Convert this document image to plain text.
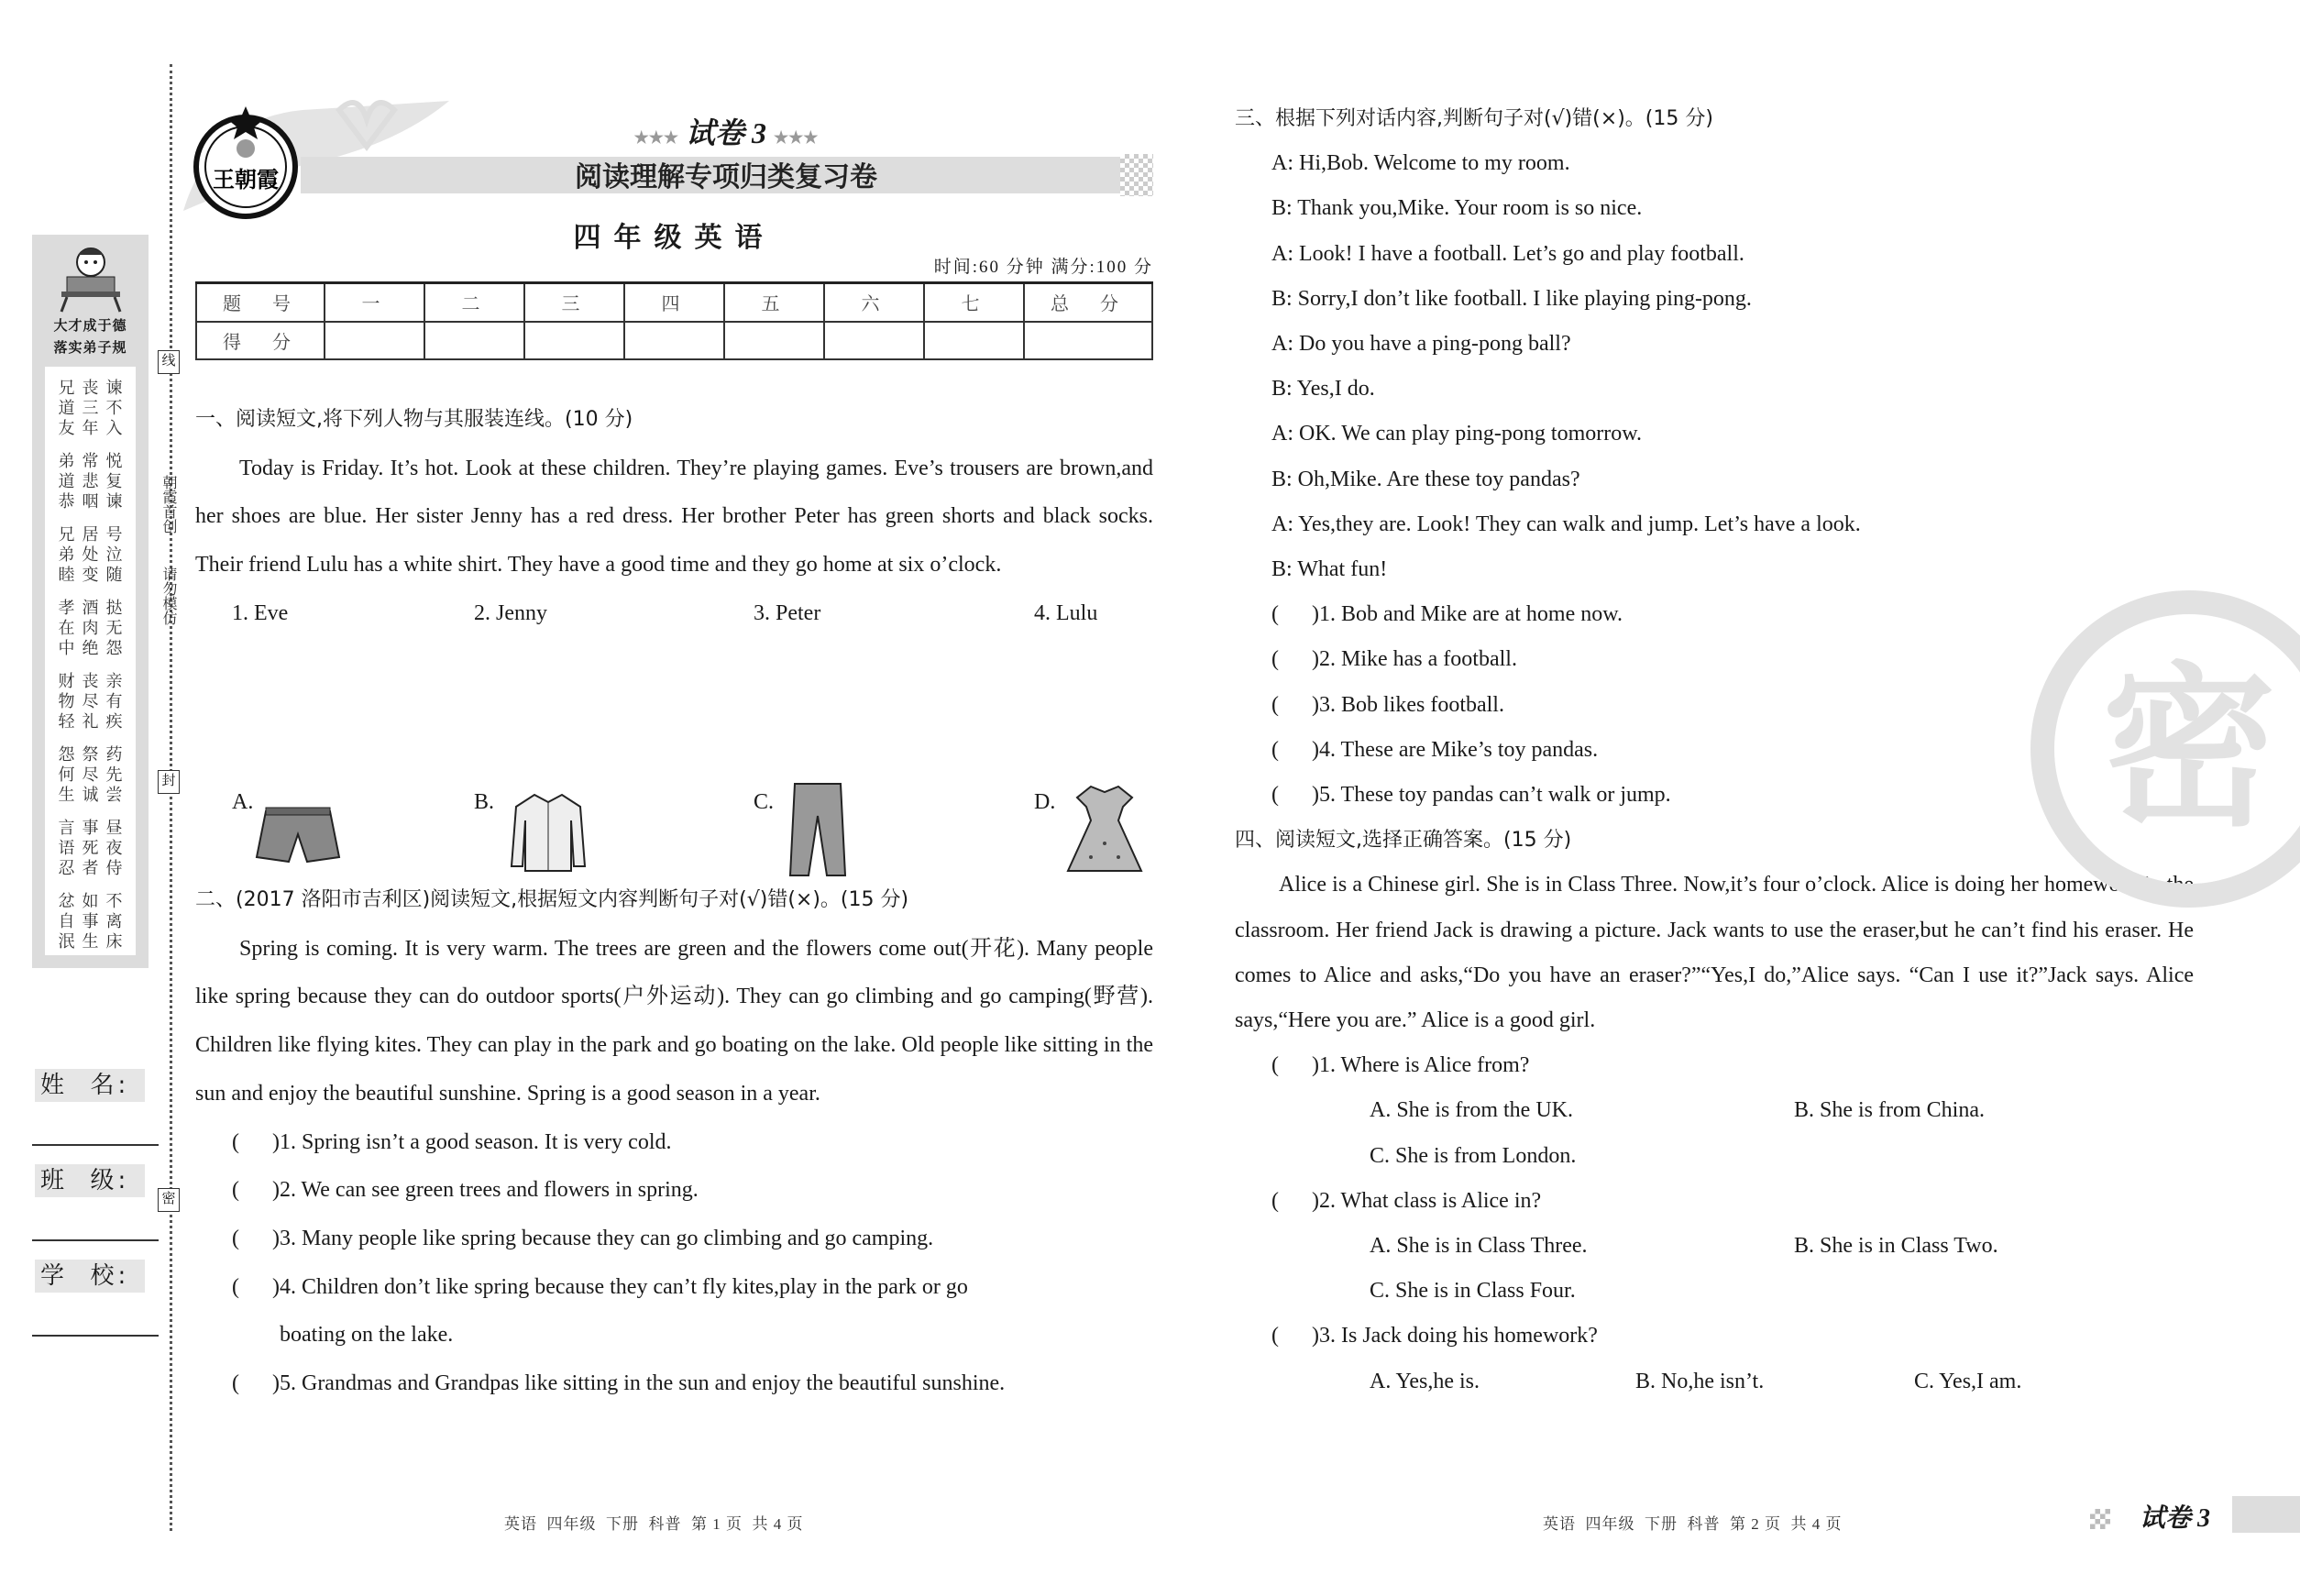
线
封
密
朝霞首创
请勿模仿
大才成于德
落实弟子规
兄丧谏
道三不
友年入
弟常悦
道悲复
恭咽谏
兄居号
弟处泣
睦变随
孝酒挞
在肉无
中绝怨
财丧亲
物尽有
轻礼疾
怨祭药
何尽先
生诚尝
言事昼
语死夜
忍者侍
忿如不
自事离
泯生床
姓  名:
班  级:
学  校:
王朝霞
★★★ 试卷 3 ★★★
阅读理解专项归类复习卷
四年级英语
时间:60 分钟 满分:100 分
题  号	一	二	三	四	五	六	七	总  分
得  分								
一、阅读短文,将下列人物与其服装连线。(10 分)
Today is Friday. It’s hot. Look at these children. They’re playing games. Eve’s trousers are brown,and her shoes are blue. Her sister Jenny has a red dress. Her brother Peter has green shorts and black socks. Their friend Lulu has a white shirt. They have a good time and they go home at six o’clock.
1. Eve	2. Jenny	3. Peter	4. Lulu
A.	B.	C.	D.
二、(2017 洛阳市吉利区)阅读短文,根据短文内容判断句子对(√)错(×)。(15 分)
Spring is coming. It is very warm. The trees are green and the flowers come out(开花). Many people like spring because they can do outdoor sports(户外运动). They can go climbing and go camping(野营). Children like flying kites. They can play in the park and go boating on the lake. Old people like sitting in the sun and enjoy the beautiful sunshine. Spring is a good season in a year.
(      )1. Spring isn’t a good season. It is very cold.
(      )2. We can see green trees and flowers in spring.
(      )3. Many people like spring because they can go climbing and go camping.
(      )4. Children don’t like spring because they can’t fly kites,play in the park or go
boating on the lake.
(      )5. Grandmas and Grandpas like sitting in the sun and enjoy the beautiful sunshine.
英语  四年级  下册  科普  第 1 页  共 4 页
三、根据下列对话内容,判断句子对(√)错(×)。(15 分)
A: Hi,Bob. Welcome to my room.
B: Thank you,Mike. Your room is so nice.
A: Look! I have a football. Let’s go and play football.
B: Sorry,I don’t like football. I like playing ping-pong.
A: Do you have a ping-pong ball?
B: Yes,I do.
A: OK. We can play ping-pong tomorrow.
B: Oh,Mike. Are these toy pandas?
A: Yes,they are. Look! They can walk and jump. Let’s have a look.
B: What fun!
(      )1. Bob and Mike are at home now.
(      )2. Mike has a football.
(      )3. Bob likes football.
(      )4. These are Mike’s toy pandas.
(      )5. These toy pandas can’t walk or jump.
四、阅读短文,选择正确答案。(15 分)
Alice is a Chinese girl. She is in Class Three. Now,it’s four o’clock. Alice is doing her homework in the classroom. Her friend Jack is drawing a picture. Jack wants to use the eraser,but he can’t find his eraser. He comes to Alice and asks,“Do you have an eraser?”“Yes,I do,”Alice says. “Can I use it?”Jack says. Alice says,“Here you are.” Alice is a good girl.
(      )1. Where is Alice from?
A. She is from the UK.	B. She is from China.
C. She is from London.
(      )2. What class is Alice in?
A. She is in Class Three.	B. She is in Class Two.
C. She is in Class Four.
(      )3. Is Jack doing his homework?
A. Yes,he is.	B. No,he isn’t.	C. Yes,I am.
密
英语  四年级  下册  科普  第 2 页  共 4 页	试卷 3
